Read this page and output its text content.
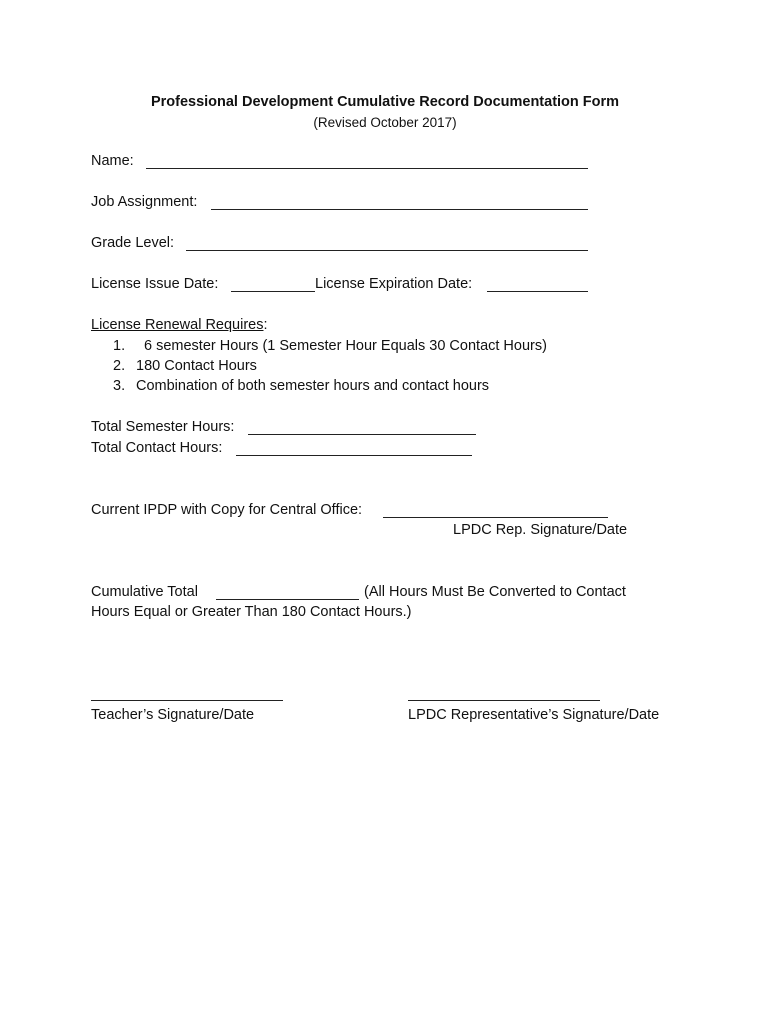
Professional Development Cumulative Record Documentation Form
(Revised October 2017)
Name:
Job Assignment:
Grade Level:
License Issue Date:	License Expiration Date:
License Renewal Requires:
1. 6 semester Hours (1 Semester Hour Equals 30 Contact Hours)
2. 180 Contact Hours
3. Combination of both semester hours and contact hours
Total Semester Hours:
Total Contact Hours:
Current IPDP with Copy for Central Office:
LPDC Rep. Signature/Date
Cumulative Total	(All Hours Must Be Converted to Contact
Hours Equal or Greater Than 180 Contact Hours.)
Teacher’s Signature/Date	LPDC Representative’s Signature/Date
